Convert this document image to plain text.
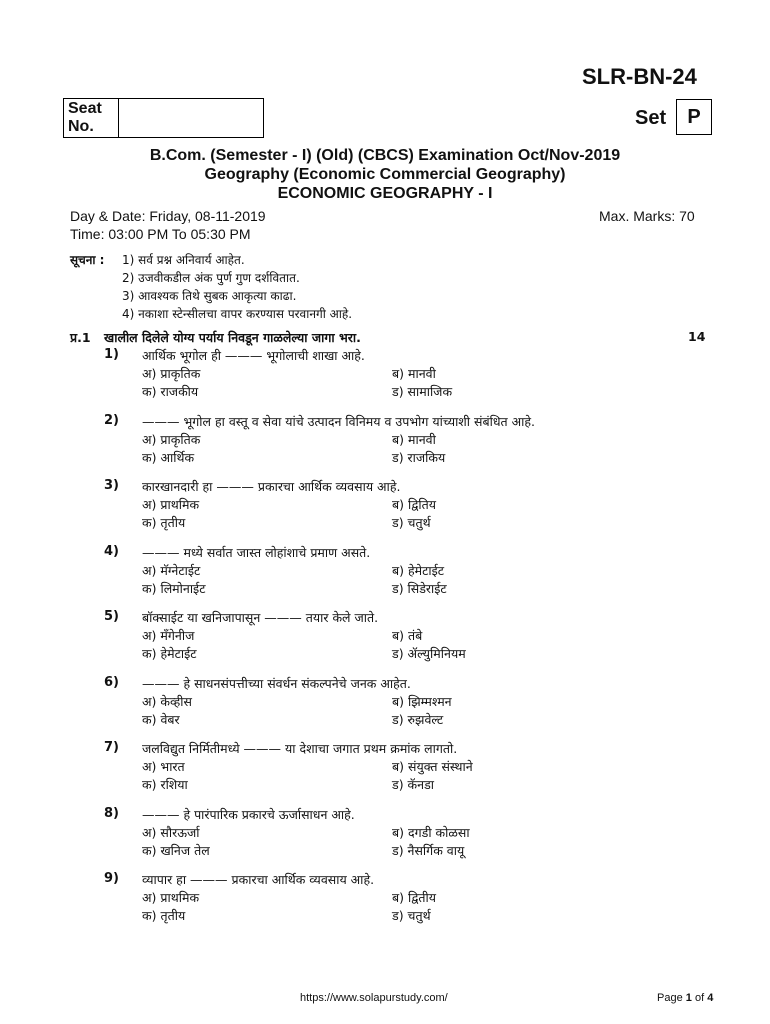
SLR-BN-24
Seat
No.	Set	P
B.Com. (Semester - I) (Old) (CBCS) Examination Oct/Nov-2019
Geography (Economic Commercial Geography)
ECONOMIC GEOGRAPHY - I
Day & Date: Friday, 08-11-2019
Time: 03:00 PM To 05:30 PM
Max. Marks: 70
सूचना : 1) सर्व प्रश्न अनिवार्य आहेत.
2) उजवीकडील अंक पुर्ण गुण दर्शवितात.
3) आवश्यक तिथे सुबक आकृत्या काढा.
4) नकाशा स्टेन्सीलचा वापर करण्यास परवानगी आहे.
प्र.1 खालील दिलेले योग्य पर्याय निवडून गाळलेल्या जागा भरा.	14
1) आर्थिक भूगोल ही ——— भूगोलाची शाखा आहे.
अ) प्राकृतिक	ब) मानवी
क) राजकीय	ड) सामाजिक
2) ——— भूगोल हा वस्तू व सेवा यांचे उत्पादन विनिमय व उपभोग यांच्याशी संबंधित आहे.
अ) प्राकृतिक	ब) मानवी
क) आर्थिक	ड) राजकिय
3) कारखानदारी हा ——— प्रकारचा आर्थिक व्यवसाय आहे.
अ) प्राथमिक	ब) द्वितिय
क) तृतीय	ड) चतुर्थ
4) ——— मध्ये सर्वात जास्त लोहांशाचे प्रमाण असते.
अ) मॅग्नेटाईट	ब) हेमेटाईट
क) लिमोनाईट	ड) सिडेराईट
5) बॉक्साईट या खनिजापासून ——— तयार केले जाते.
अ) मॅंगेनीज	ब) तंबे
क) हेमेटाईट	ड) ॲल्युमिनियम
6) ——— हे साधनसंपत्तीच्या संवर्धन संकल्पनेचे जनक आहेत.
अ) केव्हीस	ब) झिम्मश्मन
क) वेबर	ड) रुझवेल्ट
7) जलविद्युत निर्मितीमध्ये ——— या देशाचा जगात प्रथम क्रमांक लागतो.
अ) भारत	ब) संयुक्त संस्थाने
क) रशिया	ड) कॅनडा
8) ——— हे पारंपारिक प्रकारचे ऊर्जासाधन आहे.
अ) सौरऊर्जा	ब) दगडी कोळसा
क) खनिज तेल	ड) नैसर्गिक वायू
9) व्यापार हा ——— प्रकारचा आर्थिक व्यवसाय आहे.
अ) प्राथमिक	ब) द्वितीय
क) तृतीय	ड) चतुर्थ
https://www.solapurstudy.com/	Page 1 of 4
